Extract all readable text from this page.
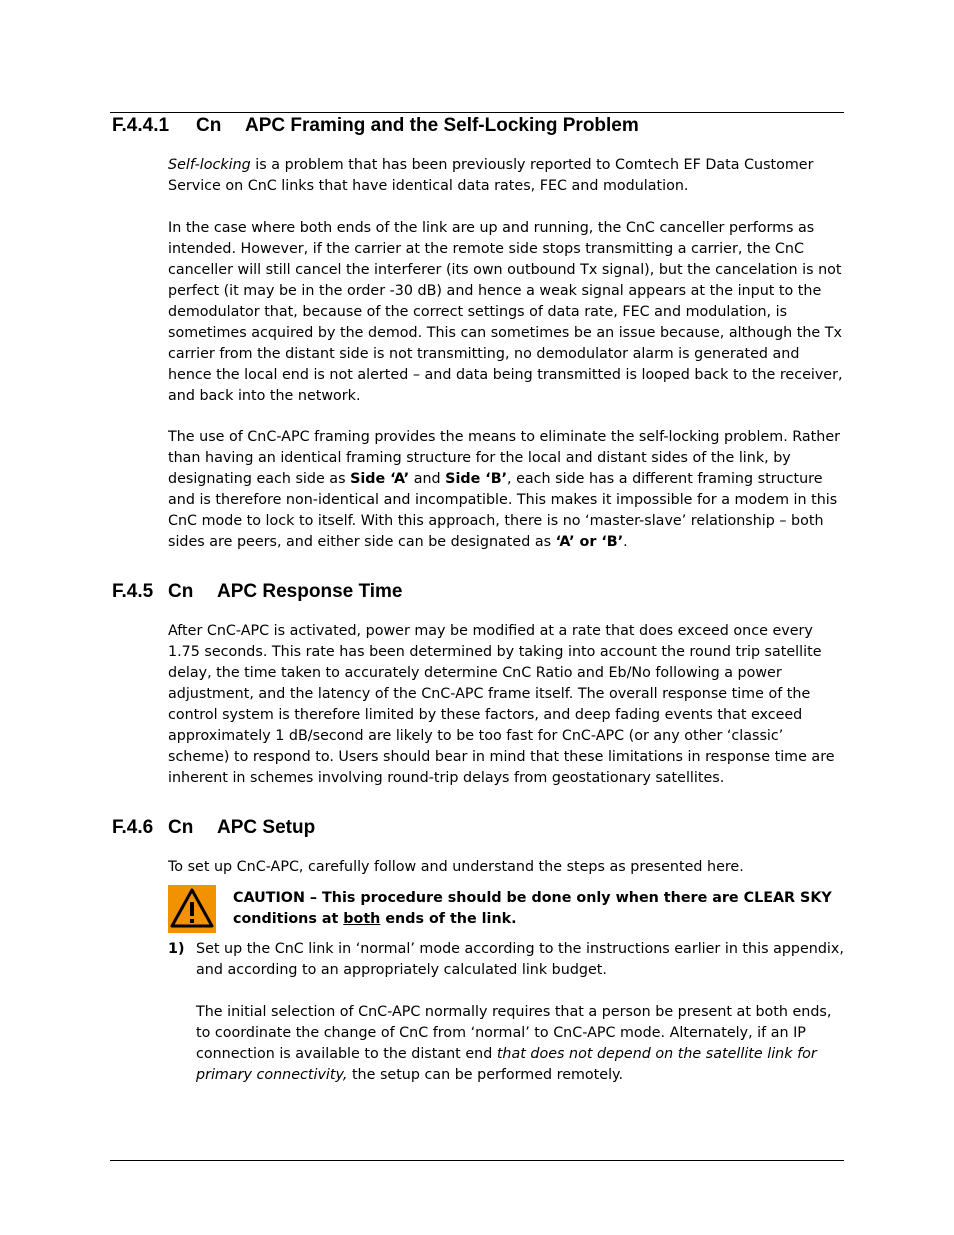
F.4.4.1 Cn APC Framing and the Self-Locking Problem

Self-locking is a problem that has been previously reported to Comtech EF Data Customer Service on CnC links that have identical data rates, FEC and modulation.

In the case where both ends of the link are up and running, the CnC canceller performs as intended. However, if the carrier at the remote side stops transmitting a carrier, the CnC canceller will still cancel the interferer (its own outbound Tx signal), but the cancelation is not perfect (it may be in the order -30 dB) and hence a weak signal appears at the input to the demodulator that, because of the correct settings of data rate, FEC and modulation, is sometimes acquired by the demod. This can sometimes be an issue because, although the Tx carrier from the distant side is not transmitting, no demodulator alarm is generated and hence the local end is not alerted – and data being transmitted is looped back to the receiver, and back into the network.

The use of CnC-APC framing provides the means to eliminate the self-locking problem. Rather than having an identical framing structure for the local and distant sides of the link, by designating each side as Side ‘A’ and Side ‘B’, each side has a different framing structure and is therefore non-identical and incompatible. This makes it impossible for a modem in this CnC mode to lock to itself. With this approach, there is no ‘master-slave’ relationship – both sides are peers, and either side can be designated as ‘A’ or ‘B’.

F.4.5 Cn APC Response Time

After CnC-APC is activated, power may be modified at a rate that does exceed once every 1.75 seconds. This rate has been determined by taking into account the round trip satellite delay, the time taken to accurately determine CnC Ratio and Eb/No following a power adjustment, and the latency of the CnC-APC frame itself. The overall response time of the control system is therefore limited by these factors, and deep fading events that exceed approximately 1 dB/second are likely to be too fast for CnC-APC (or any other ‘classic’ scheme) to respond to. Users should bear in mind that these limitations in response time are inherent in schemes involving round-trip delays from geostationary satellites.

F.4.6 Cn APC Setup

To set up CnC-APC, carefully follow and understand the steps as presented here.

CAUTION – This procedure should be done only when there are CLEAR SKY conditions at both ends of the link.
1) Set up the CnC link in ‘normal’ mode according to the instructions earlier in this appendix, and according to an appropriately calculated link budget.

The initial selection of CnC-APC normally requires that a person be present at both ends, to coordinate the change of CnC from ‘normal’ to CnC-APC mode. Alternately, if an IP connection is available to the distant end that does not depend on the satellite link for primary connectivity, the setup can be performed remotely.
